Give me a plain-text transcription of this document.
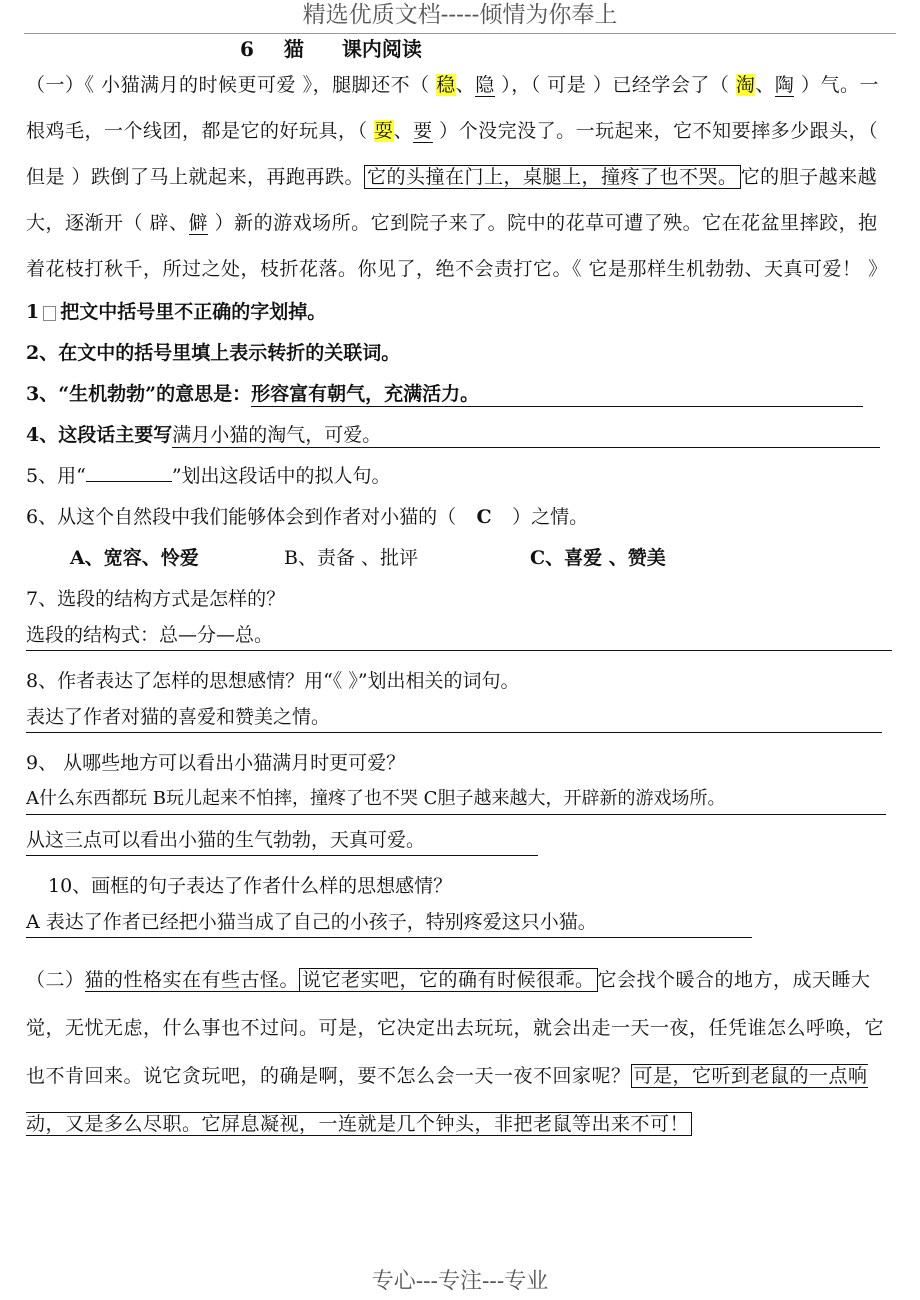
精选优质文档-----倾情为你奉上
6 猫 课内阅读

（一）《 小猫满月的时候更可爱 》，腿脚还不（ 稳、隐 ），（ 可是 ）已经学会了（ 淘、陶 ）气。一根鸡毛，一个线团，都是它的好玩具，（ 耍、要 ）个没完没了。一玩起来，它不知要摔多少跟头，（ 但是 ）跌倒了马上就起来，再跑再跌。 它的头撞在门上，桌腿上，撞疼了也不哭。 它的胆子越来越大，逐渐开（ 辟、僻 ）新的游戏场所。它到院子来了。院中的花草可遭了殃。它在花盆里摔跤，抱着花枝打秋千，所过之处，枝折花落。你见了，绝不会责打它。《 它是那样生机勃勃、天真可爱！ 》

1 把文中括号里不正确的字划掉。
2、在文中的括号里填上表示转折的关联词。
3、“生机勃勃”的意思是：形容富有朝气，充满活力。
4、这段话主要写满月小猫的淘气，可爱。
5、用“	”划出这段话中的拟人句。
6、从这个自然段中我们能够体会到作者对小猫的（ C ）之情。
A、宽容、怜爱	B、责备 、批评	C、喜爱 、赞美
7、选段的结构方式是怎样的？
选段的结构式：总—分—总。
8、作者表达了怎样的思想感情？用“《 》”划出相关的词句。
表达了作者对猫的喜爱和赞美之情。
9、 从哪些地方可以看出小猫满月时更可爱？
A什么东西都玩 B玩儿起来不怕摔，撞疼了也不哭 C胆子越来越大，开辟新的游戏场所。
从这三点可以看出小猫的生气勃勃，天真可爱。
10、画框的句子表达了作者什么样的思想感情？
A 表达了作者已经把小猫当成了自己的小孩子，特别疼爱这只小猫。

（二）猫的性格实在有些古怪。 说它老实吧，它的确有时候很乖。 它会找个暖合的地方，成天睡大觉，无忧无虑，什么事也不过问。可是，它决定出去玩玩，就会出走一天一夜，任凭谁怎么呼唤，它也不肯回来。说它贪玩吧，的确是啊，要不怎么会一天一夜不回家呢？ 可是，它听到老鼠的一点响动，又是多么尽职。它屏息凝视，一连就是几个钟头，非把老鼠等出来不可！

专心---专注---专业
